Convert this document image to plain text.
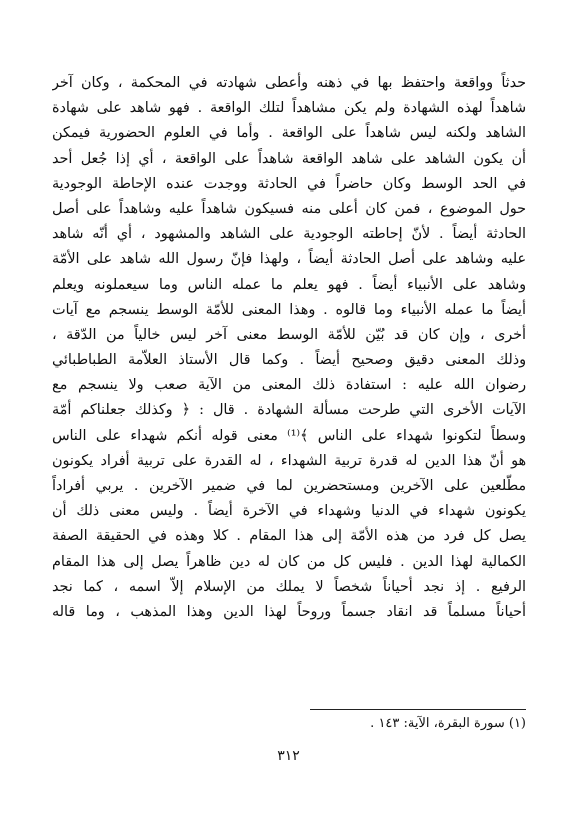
حدثاً وواقعة واحتفظ بها في ذهنه وأعطى شهادته في المحكمة ، وكان آخر
شاهداً لهذه الشهادة ولم يكن مشاهداً لتلك الواقعة . فهو شاهد على شهادة
الشاهد ولكنه ليس شاهداً على الواقعة . وأما في العلوم الحضورية فيمكن
أن يكون الشاهد على شاهد الواقعة شاهداً على الواقعة ، أي إذا جُعل أحد
في الحد الوسط وكان حاضراً في الحادثة ووجدت عنده الإحاطة الوجودية
حول الموضوع ، فمن كان أعلى منه فسيكون شاهداً عليه وشاهداً على أصل
الحادثة أيضاً . لأنّ إحاطته الوجودية على الشاهد والمشهود ، أي أنّه شاهد
عليه وشاهد على أصل الحادثة أيضاً ، ولهذا فإنّ رسول الله شاهد على الأمّة
وشاهد على الأنبياء أيضاً . فهو يعلم ما عمله الناس وما سيعملونه ويعلم
أيضاً ما عمله الأنبياء وما قالوه . وهذا المعنى للأمّة الوسط ينسجم مع آيات
أخرى ، وإن كان قد بُيّن للأمّة الوسط معنى آخر ليس خالياً من الدّقة ،
وذلك المعنى دقيق وصحيح أيضاً . وكما قال الأستاذ العلاّمة الطباطبائي
رضوان الله عليه : استفادة ذلك المعنى من الآية صعب ولا ينسجم مع
الآيات الأخرى التي طرحت مسألة الشهادة . قال : ﴿ وكذلك جعلناكم أمّة
وسطاً لتكونوا شهداء على الناس ﴾⁽¹⁾ معنى قوله أنكم شهداء على الناس
هو أنّ هذا الدين له قدرة تربية الشهداء ، له القدرة على تربية أفراد يكونون
مطّلعين على الآخرين ومستحضرين لما في ضمير الآخرين . يربي أفراداً
يكونون شهداء في الدنيا وشهداء في الآخرة أيضاً . وليس معنى ذلك أن
يصل كل فرد من هذه الأمّة إلى هذا المقام . كلا وهذه في الحقيقة الصفة
الكمالية لهذا الدين . فليس كل من كان له دين ظاهراً يصل إلى هذا المقام
الرفيع . إذ نجد أحياناً شخصاً لا يملك من الإسلام إلاّ اسمه ، كما نجد
أحياناً مسلماً قد انقاد جسماً وروحاً لهذا الدين وهذا المذهب ، وما قاله
(١) سورة البقرة، الآية: ١٤٣ .
٣١٢
